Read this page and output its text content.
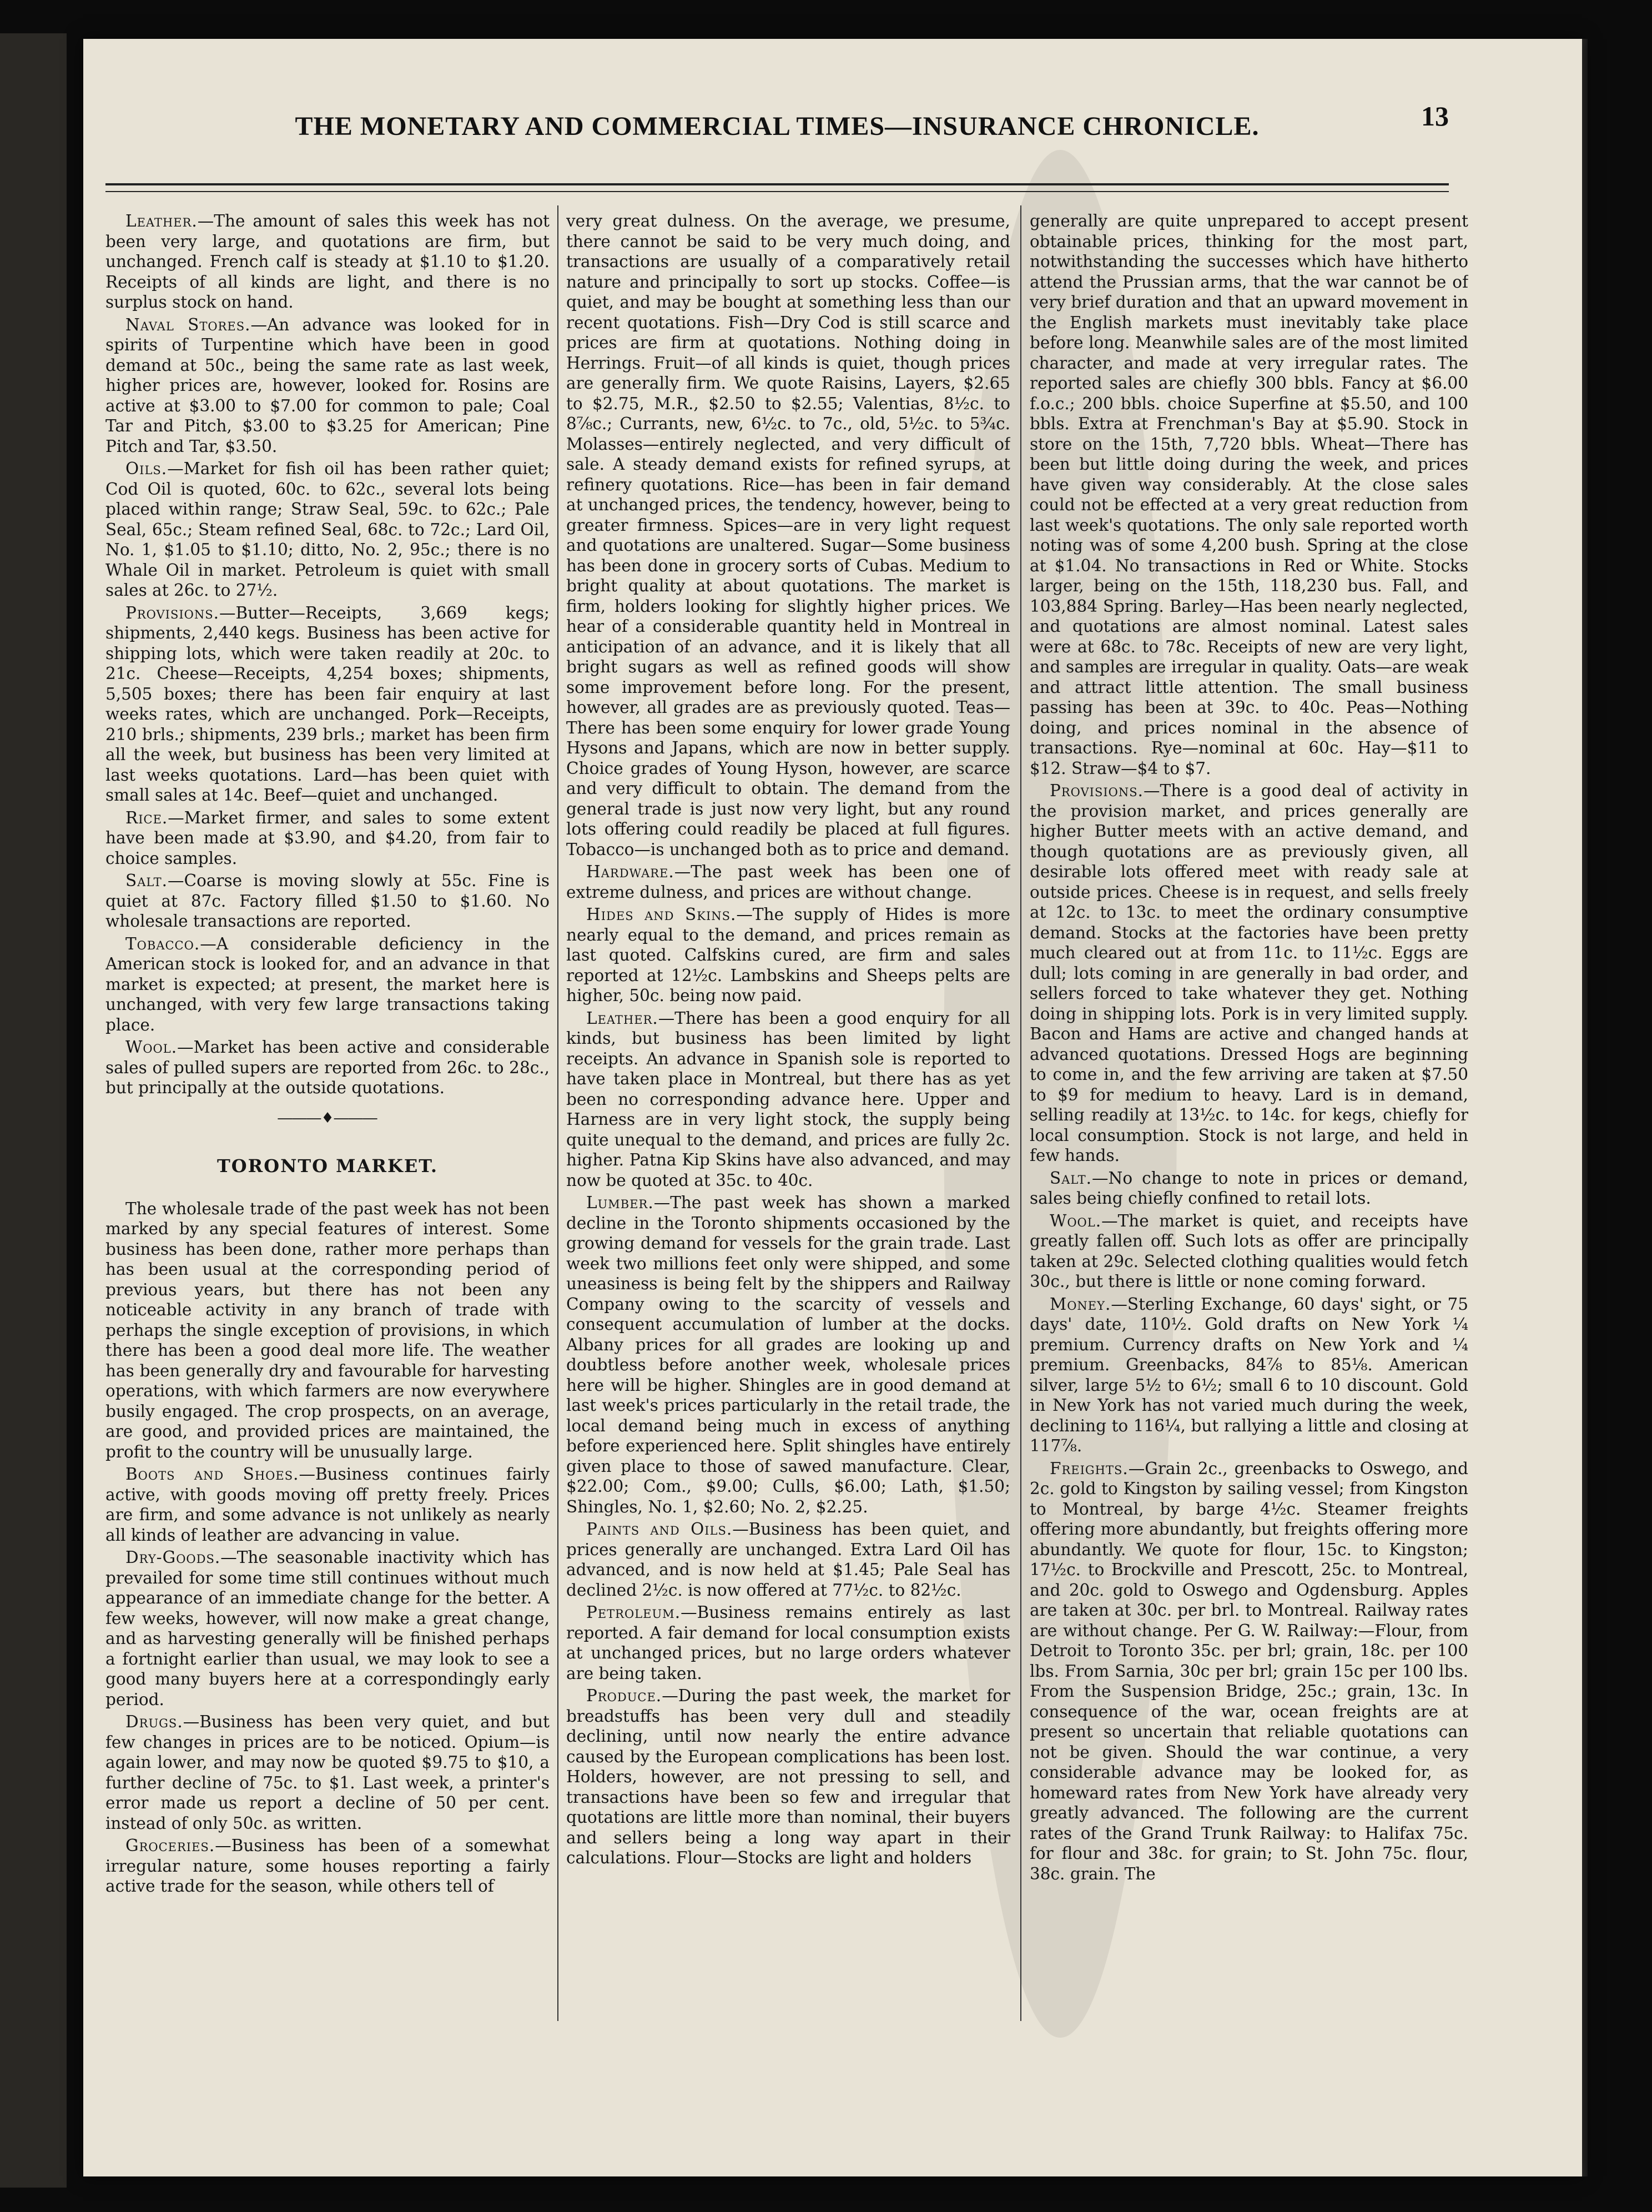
THE MONETARY AND COMMERCIAL TIMES—INSURANCE CHRONICLE.	13

Leather.—The amount of sales this week has not been very large, and quotations are firm, but unchanged. French calf is steady at $1.10 to $1.20. Receipts of all kinds are light, and there is no surplus stock on hand.

Naval Stores.—An advance was looked for in spirits of Turpentine which have been in good demand at 50c., being the same rate as last week, higher prices are, however, looked for. Rosins are active at $3.00 to $7.00 for common to pale; Coal Tar and Pitch, $3.00 to $3.25 for American; Pine Pitch and Tar, $3.50.

Oils.—Market for fish oil has been rather quiet; Cod Oil is quoted, 60c. to 62c., several lots being placed within range; Straw Seal, 59c. to 62c.; Pale Seal, 65c.; Steam refined Seal, 68c. to 72c.; Lard Oil, No. 1, $1.05 to $1.10; ditto, No. 2, 95c.; there is no Whale Oil in market. Petroleum is quiet with small sales at 26c. to 27½.

Provisions.—Butter—Receipts, 3,669 kegs; shipments, 2,440 kegs. Business has been active for shipping lots, which were taken readily at 20c. to 21c. Cheese—Receipts, 4,254 boxes; shipments, 5,505 boxes; there has been fair enquiry at last weeks rates, which are unchanged. Pork—Receipts, 210 brls.; shipments, 239 brls.; market has been firm all the week, but business has been very limited at last weeks quotations. Lard—has been quiet with small sales at 14c. Beef—quiet and unchanged.

Rice.—Market firmer, and sales to some extent have been made at $3.90, and $4.20, from fair to choice samples.

Salt.—Coarse is moving slowly at 55c. Fine is quiet at 87c. Factory filled $1.50 to $1.60. No wholesale transactions are reported.

Tobacco.—A considerable deficiency in the American stock is looked for, and an advance in that market is expected; at present, the market here is unchanged, with very few large transactions taking place.

Wool.—Market has been active and considerable sales of pulled supers are reported from 26c. to 28c., but principally at the outside quotations.

―――♦―――
TORONTO MARKET.

The wholesale trade of the past week has not been marked by any special features of interest. Some business has been done, rather more perhaps than has been usual at the corresponding period of previous years, but there has not been any noticeable activity in any branch of trade with perhaps the single exception of provisions, in which there has been a good deal more life. The weather has been generally dry and favourable for harvesting operations, with which farmers are now everywhere busily engaged. The crop prospects, on an average, are good, and provided prices are maintained, the profit to the country will be unusually large.

Boots and Shoes.—Business continues fairly active, with goods moving off pretty freely. Prices are firm, and some advance is not unlikely as nearly all kinds of leather are advancing in value.

Dry-Goods.—The seasonable inactivity which has prevailed for some time still continues without much appearance of an immediate change for the better. A few weeks, however, will now make a great change, and as harvesting generally will be finished perhaps a fortnight earlier than usual, we may look to see a good many buyers here at a correspondingly early period.

Drugs.—Business has been very quiet, and but few changes in prices are to be noticed. Opium—is again lower, and may now be quoted $9.75 to $10, a further decline of 75c. to $1. Last week, a printer's error made us report a decline of 50 per cent. instead of only 50c. as written.

Groceries.—Business has been of a somewhat irregular nature, some houses reporting a fairly active trade for the season, while others tell of

very great dulness. On the average, we presume, there cannot be said to be very much doing, and transactions are usually of a comparatively retail nature and principally to sort up stocks. Coffee—is quiet, and may be bought at something less than our recent quotations. Fish—Dry Cod is still scarce and prices are firm at quotations. Nothing doing in Herrings. Fruit—of all kinds is quiet, though prices are generally firm. We quote Raisins, Layers, $2.65 to $2.75, M.R., $2.50 to $2.55; Valentias, 8½c. to 8⅞c.; Currants, new, 6½c. to 7c., old, 5½c. to 5¾c. Molasses—entirely neglected, and very difficult of sale. A steady demand exists for refined syrups, at refinery quotations. Rice—has been in fair demand at unchanged prices, the tendency, however, being to greater firmness. Spices—are in very light request and quotations are unaltered. Sugar—Some business has been done in grocery sorts of Cubas. Medium to bright quality at about quotations. The market is firm, holders looking for slightly higher prices. We hear of a considerable quantity held in Montreal in anticipation of an advance, and it is likely that all bright sugars as well as refined goods will show some improvement before long. For the present, however, all grades are as previously quoted. Teas—There has been some enquiry for lower grade Young Hysons and Japans, which are now in better supply. Choice grades of Young Hyson, however, are scarce and very difficult to obtain. The demand from the general trade is just now very light, but any round lots offering could readily be placed at full figures. Tobacco—is unchanged both as to price and demand.

Hardware.—The past week has been one of extreme dulness, and prices are without change.

Hides and Skins.—The supply of Hides is more nearly equal to the demand, and prices remain as last quoted. Calfskins cured, are firm and sales reported at 12½c. Lambskins and Sheeps pelts are higher, 50c. being now paid.

Leather.—There has been a good enquiry for all kinds, but business has been limited by light receipts. An advance in Spanish sole is reported to have taken place in Montreal, but there has as yet been no corresponding advance here. Upper and Harness are in very light stock, the supply being quite unequal to the demand, and prices are fully 2c. higher. Patna Kip Skins have also advanced, and may now be quoted at 35c. to 40c.

Lumber.—The past week has shown a marked decline in the Toronto shipments occasioned by the growing demand for vessels for the grain trade. Last week two millions feet only were shipped, and some uneasiness is being felt by the shippers and Railway Company owing to the scarcity of vessels and consequent accumulation of lumber at the docks. Albany prices for all grades are looking up and doubtless before another week, wholesale prices here will be higher. Shingles are in good demand at last week's prices particularly in the retail trade, the local demand being much in excess of anything before experienced here. Split shingles have entirely given place to those of sawed manufacture. Clear, $22.00; Com., $9.00; Culls, $6.00; Lath, $1.50; Shingles, No. 1, $2.60; No. 2, $2.25.

Paints and Oils.—Business has been quiet, and prices generally are unchanged. Extra Lard Oil has advanced, and is now held at $1.45; Pale Seal has declined 2½c. is now offered at 77½c. to 82½c.

Petroleum.—Business remains entirely as last reported. A fair demand for local consumption exists at unchanged prices, but no large orders whatever are being taken.

Produce.—During the past week, the market for breadstuffs has been very dull and steadily declining, until now nearly the entire advance caused by the European complications has been lost. Holders, however, are not pressing to sell, and transactions have been so few and irregular that quotations are little more than nominal, their buyers and sellers being a long way apart in their calculations. Flour—Stocks are light and holders

generally are quite unprepared to accept present obtainable prices, thinking for the most part, notwithstanding the successes which have hitherto attend the Prussian arms, that the war cannot be of very brief duration and that an upward movement in the English markets must inevitably take place before long. Meanwhile sales are of the most limited character, and made at very irregular rates. The reported sales are chiefly 300 bbls. Fancy at $6.00 f.o.c.; 200 bbls. choice Superfine at $5.50, and 100 bbls. Extra at Frenchman's Bay at $5.90. Stock in store on the 15th, 7,720 bbls. Wheat—There has been but little doing during the week, and prices have given way considerably. At the close sales could not be effected at a very great reduction from last week's quotations. The only sale reported worth noting was of some 4,200 bush. Spring at the close at $1.04. No transactions in Red or White. Stocks larger, being on the 15th, 118,230 bus. Fall, and 103,884 Spring. Barley—Has been nearly neglected, and quotations are almost nominal. Latest sales were at 68c. to 78c. Receipts of new are very light, and samples are irregular in quality. Oats—are weak and attract little attention. The small business passing has been at 39c. to 40c. Peas—Nothing doing, and prices nominal in the absence of transactions. Rye—nominal at 60c. Hay—$11 to $12. Straw—$4 to $7.

Provisions.—There is a good deal of activity in the provision market, and prices generally are higher Butter meets with an active demand, and though quotations are as previously given, all desirable lots offered meet with ready sale at outside prices. Cheese is in request, and sells freely at 12c. to 13c. to meet the ordinary consumptive demand. Stocks at the factories have been pretty much cleared out at from 11c. to 11½c. Eggs are dull; lots coming in are generally in bad order, and sellers forced to take whatever they get. Nothing doing in shipping lots. Pork is in very limited supply. Bacon and Hams are active and changed hands at advanced quotations. Dressed Hogs are beginning to come in, and the few arriving are taken at $7.50 to $9 for medium to heavy. Lard is in demand, selling readily at 13½c. to 14c. for kegs, chiefly for local consumption. Stock is not large, and held in few hands.

Salt.—No change to note in prices or demand, sales being chiefly confined to retail lots.

Wool.—The market is quiet, and receipts have greatly fallen off. Such lots as offer are principally taken at 29c. Selected clothing qualities would fetch 30c., but there is little or none coming forward.

Money.—Sterling Exchange, 60 days' sight, or 75 days' date, 110½. Gold drafts on New York ¼ premium. Currency drafts on New York and ¼ premium. Greenbacks, 84⅞ to 85⅛. American silver, large 5½ to 6½; small 6 to 10 discount. Gold in New York has not varied much during the week, declining to 116¼, but rallying a little and closing at 117⅞.

Freights.—Grain 2c., greenbacks to Oswego, and 2c. gold to Kingston by sailing vessel; from Kingston to Montreal, by barge 4½c. Steamer freights offering more abundantly, but freights offering more abundantly. We quote for flour, 15c. to Kingston; 17½c. to Brockville and Prescott, 25c. to Montreal, and 20c. gold to Oswego and Ogdensburg. Apples are taken at 30c. per brl. to Montreal. Railway rates are without change. Per G. W. Railway:—Flour, from Detroit to Toronto 35c. per brl; grain, 18c. per 100 lbs. From Sarnia, 30c per brl; grain 15c per 100 lbs. From the Suspension Bridge, 25c.; grain, 13c. In consequence of the war, ocean freights are at present so uncertain that reliable quotations can not be given. Should the war continue, a very considerable advance may be looked for, as homeward rates from New York have already very greatly advanced. The following are the current rates of the Grand Trunk Railway: to Halifax 75c. for flour and 38c. for grain; to St. John 75c. flour, 38c. grain. The
